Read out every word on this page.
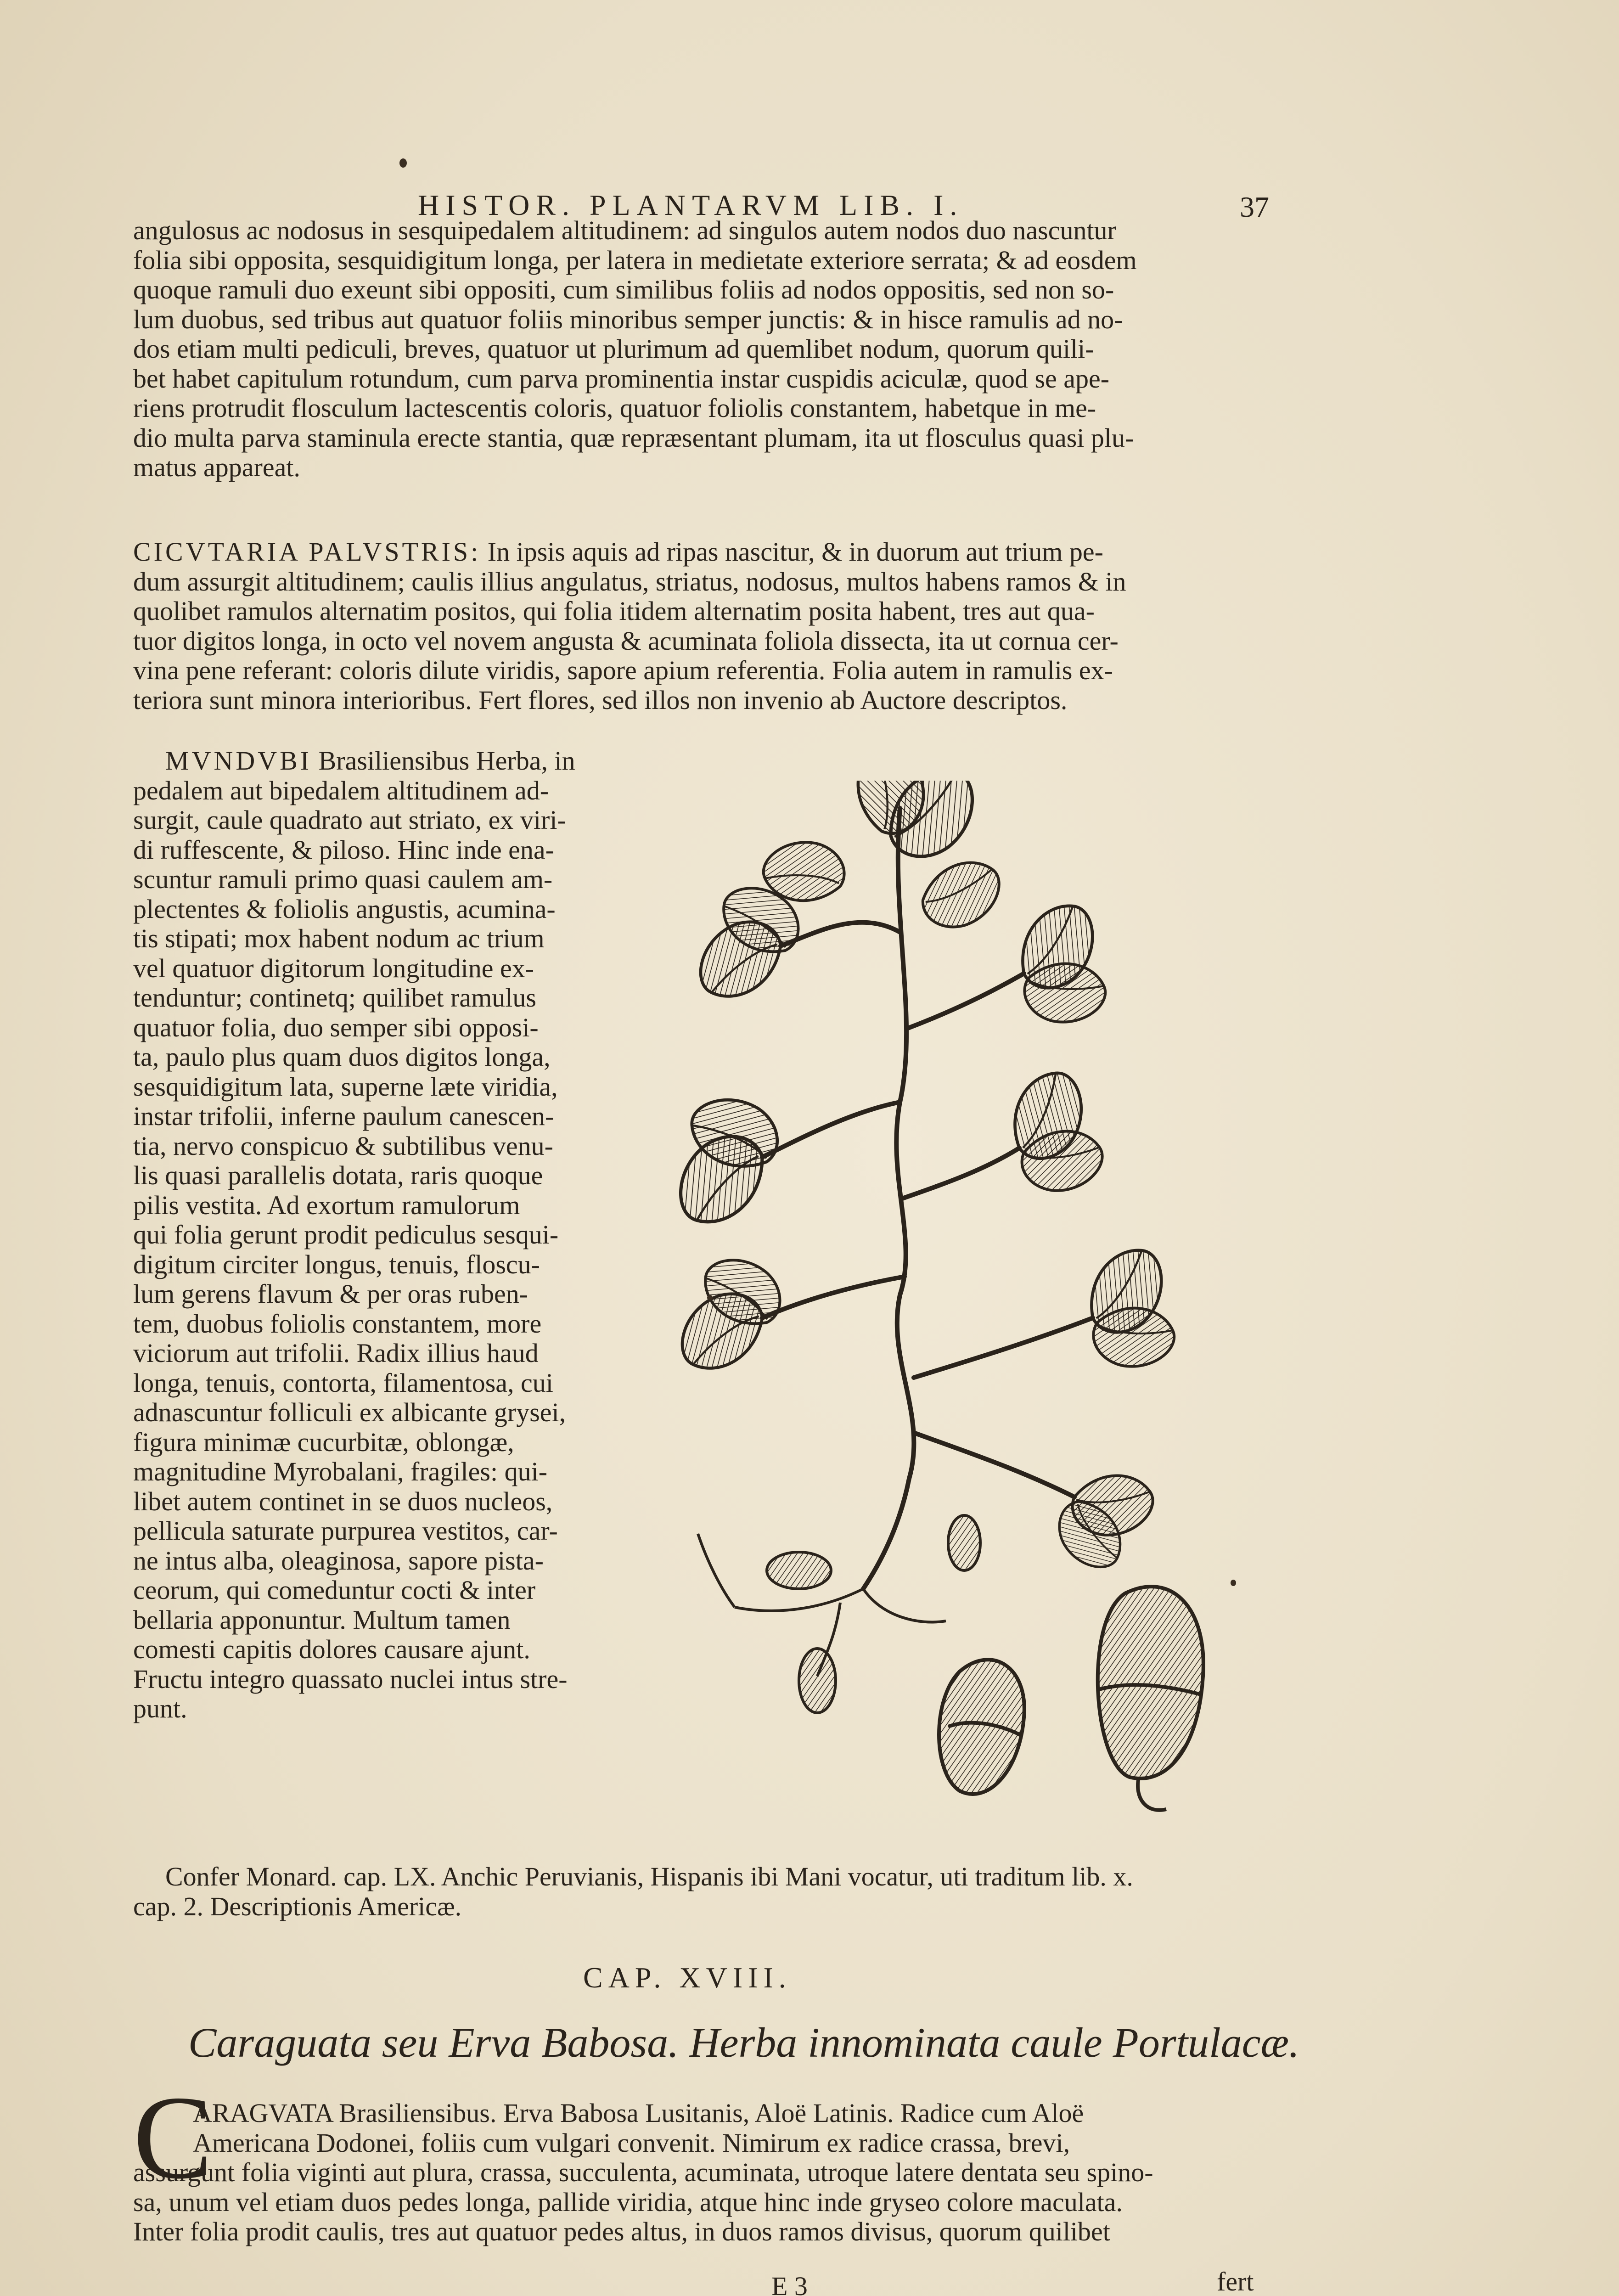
HISTOR. PLANTARVM LIB. I.	37
angulosus ac nodosus in sesquipedalem altitudinem: ad singulos autem nodos duo nascuntur
folia sibi opposita, sesquidigitum longa, per latera in medietate exteriore serrata; & ad eosdem
quoque ramuli duo exeunt sibi oppositi, cum similibus foliis ad nodos oppositis, sed non so-
lum duobus, sed tribus aut quatuor foliis minoribus semper junctis: & in hisce ramulis ad no-
dos etiam multi pediculi, breves, quatuor ut plurimum ad quemlibet nodum, quorum quili-
bet habet capitulum rotundum, cum parva prominentia instar cuspidis aciculæ, quod se ape-
riens protrudit flosculum lactescentis coloris, quatuor foliolis constantem, habetque in me-
dio multa parva staminula erecte stantia, quæ repræsentant plumam, ita ut flosculus quasi plu-
matus appareat.
CICVTARIA PALVSTRIS: In ipsis aquis ad ripas nascitur, & in duorum aut trium pe-
dum assurgit altitudinem; caulis illius angulatus, striatus, nodosus, multos habens ramos & in
quolibet ramulos alternatim positos, qui folia itidem alternatim posita habent, tres aut qua-
tuor digitos longa, in octo vel novem angusta & acuminata foliola dissecta, ita ut cornua cer-
vina pene referant: coloris dilute viridis, sapore apium referentia. Folia autem in ramulis ex-
teriora sunt minora interioribus. Fert flores, sed illos non invenio ab Auctore descriptos.
MVNDVBI Brasiliensibus Herba, in
pedalem aut bipedalem altitudinem ad-
surgit, caule quadrato aut striato, ex viri-
di ruffescente, & piloso. Hinc inde ena-
scuntur ramuli primo quasi caulem am-
plectentes & foliolis angustis, acumina-
tis stipati; mox habent nodum ac trium
vel quatuor digitorum longitudine ex-
tenduntur; continetq; quilibet ramulus
quatuor folia, duo semper sibi opposi-
ta, paulo plus quam duos digitos longa,
sesquidigitum lata, superne læte viridia,
instar trifolii, inferne paulum canescen-
tia, nervo conspicuo & subtilibus venu-
lis quasi parallelis dotata, raris quoque
pilis vestita. Ad exortum ramulorum
qui folia gerunt prodit pediculus sesqui-
digitum circiter longus, tenuis, floscu-
lum gerens flavum & per oras ruben-
tem, duobus foliolis constantem, more
viciorum aut trifolii. Radix illius haud
longa, tenuis, contorta, filamentosa, cui
adnascuntur folliculi ex albicante grysei,
figura minimæ cucurbitæ, oblongæ,
magnitudine Myrobalani, fragiles: qui-
libet autem continet in se duos nucleos,
pellicula saturate purpurea vestitos, car-
ne intus alba, oleaginosa, sapore pista-
ceorum, qui comeduntur cocti & inter
bellaria apponuntur. Multum tamen
comesti capitis dolores causare ajunt.
Fructu integro quassato nuclei intus stre-
punt.
Confer Monard. cap. LX. Anchic Peruvianis, Hispanis ibi Mani vocatur, uti traditum lib. x.
cap. 2. Descriptionis Americæ.
CAP. XVIII.
Caraguata seu Erva Babosa. Herba innominata caule Portulacæ.
C
ARAGVATA Brasiliensibus. Erva Babosa Lusitanis, Aloë Latinis. Radice cum Aloë
Americana Dodonei, foliis cum vulgari convenit. Nimirum ex radice crassa, brevi,
assurgunt folia viginti aut plura, crassa, succulenta, acuminata, utroque latere dentata seu spino-
sa, unum vel etiam duos pedes longa, pallide viridia, atque hinc inde gryseo colore maculata.
Inter folia prodit caulis, tres aut quatuor pedes altus, in duos ramos divisus, quorum quilibet
E 3	fert
